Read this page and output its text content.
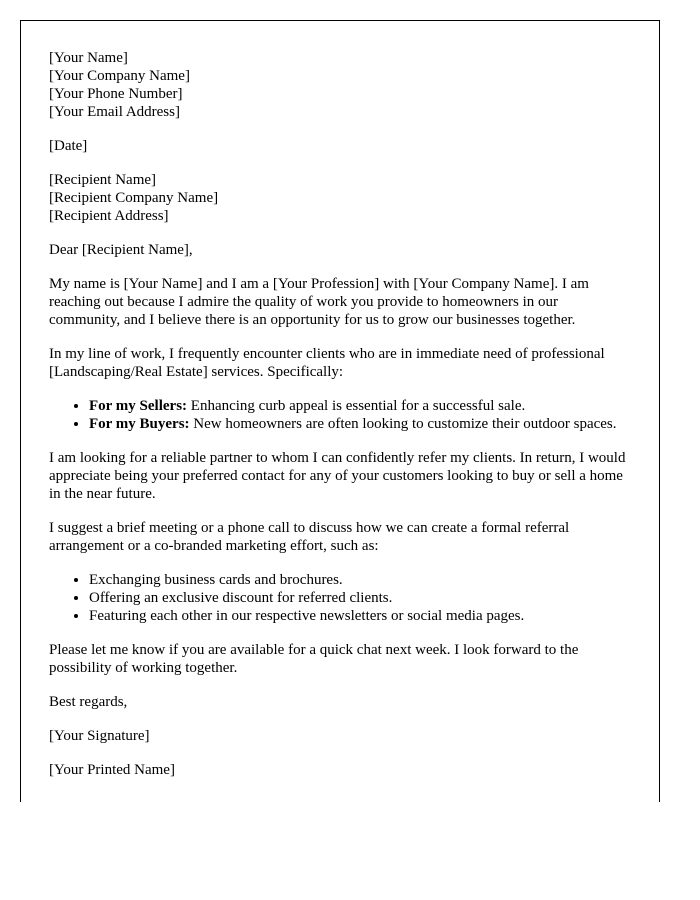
[Your Name]
[Your Company Name]
[Your Phone Number]
[Your Email Address]

[Date]

[Recipient Name]
[Recipient Company Name]
[Recipient Address]

Dear [Recipient Name],

My name is [Your Name] and I am a [Your Profession] with [Your Company Name]. I am reaching out because I admire the quality of work you provide to homeowners in our community, and I believe there is an opportunity for us to grow our businesses together.

In my line of work, I frequently encounter clients who are in immediate need of professional [Landscaping/Real Estate] services. Specifically:

• For my Sellers: Enhancing curb appeal is essential for a successful sale.
• For my Buyers: New homeowners are often looking to customize their outdoor spaces.

I am looking for a reliable partner to whom I can confidently refer my clients. In return, I would appreciate being your preferred contact for any of your customers looking to buy or sell a home in the near future.

I suggest a brief meeting or a phone call to discuss how we can create a formal referral arrangement or a co-branded marketing effort, such as:

• Exchanging business cards and brochures.
• Offering an exclusive discount for referred clients.
• Featuring each other in our respective newsletters or social media pages.

Please let me know if you are available for a quick chat next week. I look forward to the possibility of working together.

Best regards,

[Your Signature]

[Your Printed Name]
